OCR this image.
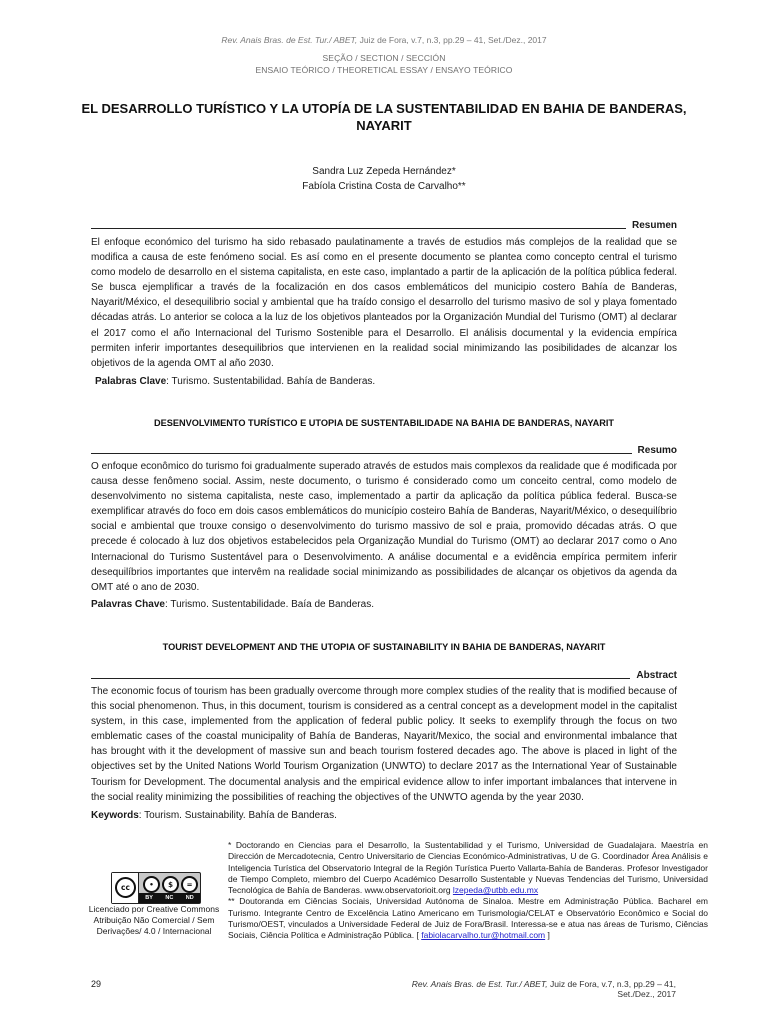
Rev. Anais Bras. de Est. Tur./ ABET, Juiz de Fora, v.7, n.3, pp.29 – 41, Set./Dez., 2017
SEÇÃO / SECTION / SECCIÓN
ENSAIO TEÓRICO / THEORETICAL ESSAY / ENSAYO TEÓRICO
EL DESARROLLO TURÍSTICO Y LA UTOPÍA DE LA SUSTENTABILIDAD EN BAHIA DE BANDERAS, NAYARIT
Sandra Luz Zepeda Hernández*
Fabíola Cristina Costa de Carvalho**
Resumen

El enfoque económico del turismo ha sido rebasado paulatinamente a través de estudios más complejos de la realidad que se modifica a causa de este fenómeno social. Es así como en el presente documento se plantea como concepto central el turismo como modelo de desarrollo en el sistema capitalista, en este caso, implantado a partir de la aplicación de la política pública federal. Se busca ejemplificar a través de la focalización en dos casos emblemáticos del municipio costero Bahía de Banderas, Nayarit/México, el desequilibrio social y ambiental que ha traído consigo el desarrollo del turismo masivo de sol y playa fomentado décadas atrás. Lo anterior se coloca a la luz de los objetivos planteados por la Organización Mundial del Turismo (OMT) al declarar el 2017 como el año Internacional del Turismo Sostenible para el Desarrollo. El análisis documental y la evidencia empírica permiten inferir importantes desequilibrios que intervienen en la realidad social minimizando las posibilidades de alcanzar los objetivos de la agenda OMT al año 2030.

Palabras Clave: Turismo. Sustentabilidad. Bahía de Banderas.

DESENVOLVIMENTO TURÍSTICO E UTOPIA DE SUSTENTABILIDADE NA BAHIA DE BANDERAS, NAYARIT

Resumo

O enfoque econômico do turismo foi gradualmente superado através de estudos mais complexos da realidade que é modificada por causa desse fenômeno social. Assim, neste documento, o turismo é considerado como um conceito central, como modelo de desenvolvimento no sistema capitalista, neste caso, implementado a partir da aplicação da política pública federal. Busca-se exemplificar através do foco em dois casos emblemáticos do município costeiro Bahía de Banderas, Nayarit/México, o desequilíbrio social e ambiental que trouxe consigo o desenvolvimento do turismo massivo de sol e praia, promovido décadas atrás. O que precede é colocado à luz dos objetivos estabelecidos pela Organização Mundial do Turismo (OMT) ao declarar 2017 como o Ano Internacional do Turismo Sustentável para o Desenvolvimento. A análise documental e a evidência empírica permitem inferir desequilíbrios importantes que intervêm na realidade social minimizando as possibilidades de alcançar os objetivos da agenda da OMT até o ano de 2030.

Palavras Chave: Turismo. Sustentabilidade. Baía de Banderas.

TOURIST DEVELOPMENT AND THE UTOPIA OF SUSTAINABILITY IN BAHIA DE BANDERAS, NAYARIT

Abstract

The economic focus of tourism has been gradually overcome through more complex studies of the reality that is modified because of this social phenomenon. Thus, in this document, tourism is considered as a central concept as a development model in the capitalist system, in this case, implemented from the application of federal public policy. It seeks to exemplify through the focus on two emblematic cases of the coastal municipality of Bahía de Banderas, Nayarit/Mexico, the social and environmental imbalance that has brought with it the development of massive sun and beach tourism fostered decades ago. The above is placed in light of the objectives set by the United Nations World Tourism Organization (UNWTO) to declare 2017 as the International Year of Sustainable Tourism for Development. The documental analysis and the empirical evidence allow to infer important imbalances that intervene in the social reality minimizing the possibilities of reaching the objectives of the UNWTO agenda by the year 2030.

Keywords: Tourism. Sustainability. Bahía de Banderas.

cc	•	$	=
BY NC ND

Licenciado por Creative Commons Atribuição Não Comercial / Sem Derivações/ 4.0 / Internacional

* Doctorando en Ciencias para el Desarrollo, la Sustentabilidad y el Turismo, Universidad de Guadalajara. Maestría en Dirección de Mercadotecnia, Centro Universitario de Ciencias Económico-Administrativas, U de G. Coordinador Área Análisis e Inteligencia Turística del Observatorio Integral de la Región Turística Puerto Vallarta-Bahía de Banderas. Profesor Investigador de Tiempo Completo, miembro del Cuerpo Académico Desarrollo Sustentable y Nuevas Tendencias del Turismo, Universidad Tecnológica de Bahía de Banderas. www.observatorioit.org lzepeda@utbb.edu.mx

** Doutoranda em Ciências Sociais, Universidad Autónoma de Sinaloa. Mestre em Administração Pública. Bacharel em Turismo. Integrante Centro de Excelência Latino Americano em Turismologia/CELAT e Observatório Econômico e Social do Turismo/OEST, vinculados a Universidade Federal de Juiz de Fora/Brasil. Interessa-se e atua nas áreas de Turismo, Ciências Sociais, Ciência Política e Administração Pública. [ fabiolacarvalho.tur@hotmail.com ]

29	Rev. Anais Bras. de Est. Tur./ ABET, Juiz de Fora, v.7, n.3, pp.29 – 41, Set./Dez., 2017
